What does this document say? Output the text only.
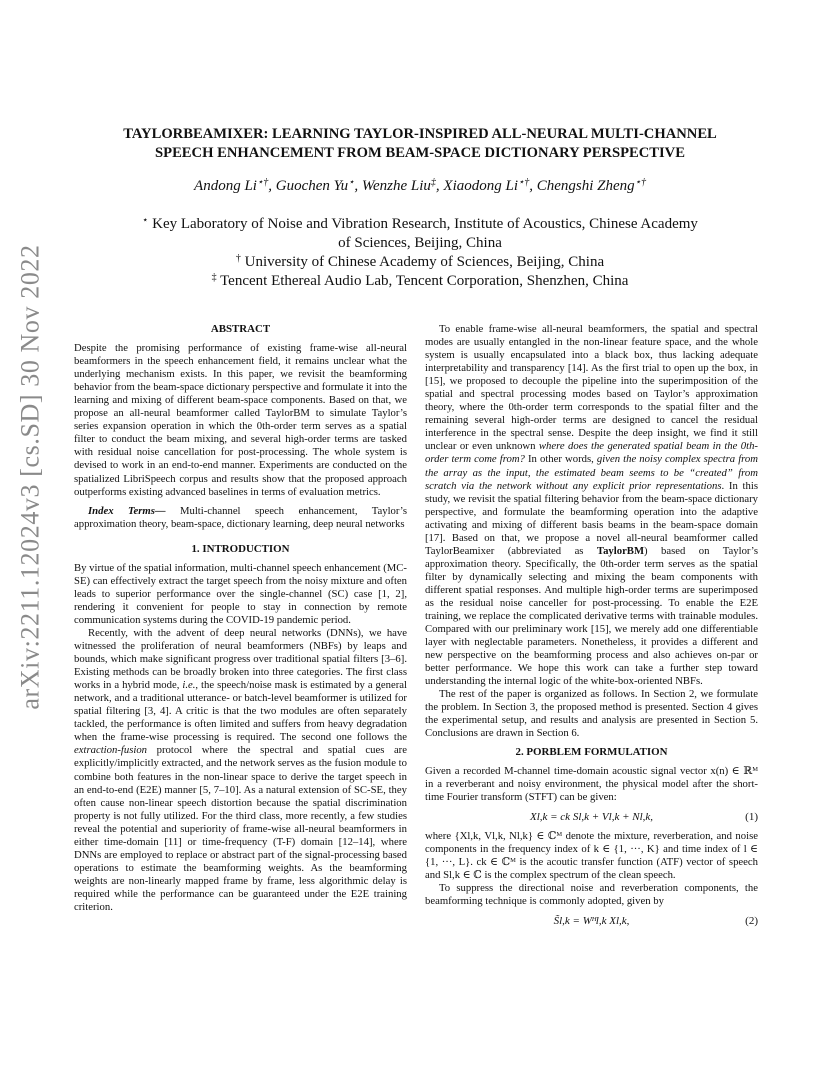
arXiv:2211.12024v3 [cs.SD] 30 Nov 2022
TAYLORBEAMIXER: LEARNING TAYLOR-INSPIRED ALL-NEURAL MULTI-CHANNEL
SPEECH ENHANCEMENT FROM BEAM-SPACE DICTIONARY PERSPECTIVE
Andong Li⋆†, Guochen Yu⋆, Wenzhe Liu‡, Xiaodong Li⋆†, Chengshi Zheng⋆†
⋆ Key Laboratory of Noise and Vibration Research, Institute of Acoustics, Chinese Academy
of Sciences, Beijing, China
† University of Chinese Academy of Sciences, Beijing, China
‡ Tencent Ethereal Audio Lab, Tencent Corporation, Shenzhen, China
ABSTRACT

Despite the promising performance of existing frame-wise all-neural beamformers in the speech enhancement field, it remains unclear what the underlying mechanism exists. In this paper, we revisit the beamforming behavior from the beam-space dictionary perspective and formulate it into the learning and mixing of different beam-space components. Based on that, we propose an all-neural beamformer called TaylorBM to simulate Taylor’s series expansion operation in which the 0th-order term serves as a spatial filter to conduct the beam mixing, and several high-order terms are tasked with residual noise cancellation for post-processing. The whole system is devised to work in an end-to-end manner. Experiments are conducted on the spatialized LibriSpeech corpus and results show that the proposed approach outperforms existing advanced baselines in terms of evaluation metrics.

Index Terms— Multi-channel speech enhancement, Taylor’s approximation theory, beam-space, dictionary learning, deep neural networks

1. INTRODUCTION

By virtue of the spatial information, multi-channel speech enhancement (MC-SE) can effectively extract the target speech from the noisy mixture and often leads to superior performance over the single-channel (SC) case [1, 2], rendering it convenient for people to stay in connection by remote communication systems during the COVID-19 pandemic period.

Recently, with the advent of deep neural networks (DNNs), we have witnessed the proliferation of neural beamformers (NBFs) by leaps and bounds, which make significant progress over traditional spatial filters [3–6]. Existing methods can be broadly broken into three categories. The first class works in a hybrid mode, i.e., the speech/noise mask is estimated by a general network, and a traditional utterance- or batch-level beamformer is utilized for spatial filtering [3, 4]. A critic is that the two modules are often separately tackled, the performance is often limited and suffers from heavy degradation when the frame-wise processing is required. The second one follows the extraction-fusion protocol where the spectral and spatial cues are explicitly/implicitly extracted, and the network serves as the fusion module to combine both features in the non-linear space to derive the target speech in an end-to-end (E2E) manner [5, 7–10]. As a natural extension of SC-SE, they often cause non-linear speech distortion because the spatial discrimination property is not fully utilized. For the third class, more recently, a few studies reveal the potential and superiority of frame-wise all-neural beamformers in either time-domain [11] or time-frequency (T-F) domain [12–14], where DNNs are employed to replace or abstract part of the signal-processing based operations to estimate the beamforming weights. As the beamforming weights are non-linearly mapped frame by frame, less algorithmic delay is required while the performance can be guaranteed under the E2E training criterion.

To enable frame-wise all-neural beamformers, the spatial and spectral modes are usually entangled in the non-linear feature space, and the whole system is usually encapsulated into a black box, thus lacking adequate interpretability and transparency [14]. As the first trial to open up the box, in [15], we proposed to decouple the pipeline into the superimposition of the spatial and spectral processing modes based on Taylor’s approximation theory, where the 0th-order term corresponds to the spatial filter and the remaining several high-order terms are designed to cancel the residual interference in the spectral sense. Despite the deep insight, we find it still unclear or even unknown where does the generated spatial beam in the 0th-order term come from? In other words, given the noisy complex spectra from the array as the input, the estimated beam seems to be “created” from scratch via the network without any explicit prior representations. In this study, we revisit the spatial filtering behavior from the beam-space dictionary perspective, and formulate the beamforming operation into the adaptive activating and mixing of different basis beams in the beam-space domain [17]. Based on that, we propose a novel all-neural beamformer called TaylorBeamixer (abbreviated as TaylorBM) based on Taylor’s approximation theory. Specifically, the 0th-order term serves as the spatial filter by dynamically selecting and mixing the beam components with different spatial responses. And multiple high-order terms are superimposed as the residual noise canceller for post-processing. To enable the E2E training, we replace the complicated derivative terms with trainable modules. Compared with our preliminary work [15], we merely add one differentiable layer with neglectable parameters. Nonetheless, it provides a different and new perspective on the beamforming process and also achieves on-par or better performance. We hope this work can take a further step toward understanding the internal logic of the white-box-oriented NBFs.

The rest of the paper is organized as follows. In Section 2, we formulate the problem. In Section 3, the proposed method is presented. Section 4 gives the experimental setup, and results and analysis are presented in Section 5. Conclusions are drawn in Section 6.

2. PORBLEM FORMULATION

Given a recorded M-channel time-domain acoustic signal vector x(n) ∈ ℝᴹ in a reverberant and noisy environment, the physical model after the short-time Fourier transform (STFT) can be given:

Xl,k = ck Sl,k + Vl,k + Nl,k,	(1)

where {Xl,k, Vl,k, Nl,k} ∈ ℂᴹ denote the mixture, reverberation, and noise components in the frequency index of k ∈ {1, ···, K} and time index of l ∈ {1, ···, L}. ck ∈ ℂᴹ is the acoutic transfer function (ATF) vector of speech and Sl,k ∈ ℂ is the complex spectrum of the clean speech.

To suppress the directional noise and reverberation components, the beamforming technique is commonly adopted, given by

S̃l,k = Wᴴl,k Xl,k,	(2)
